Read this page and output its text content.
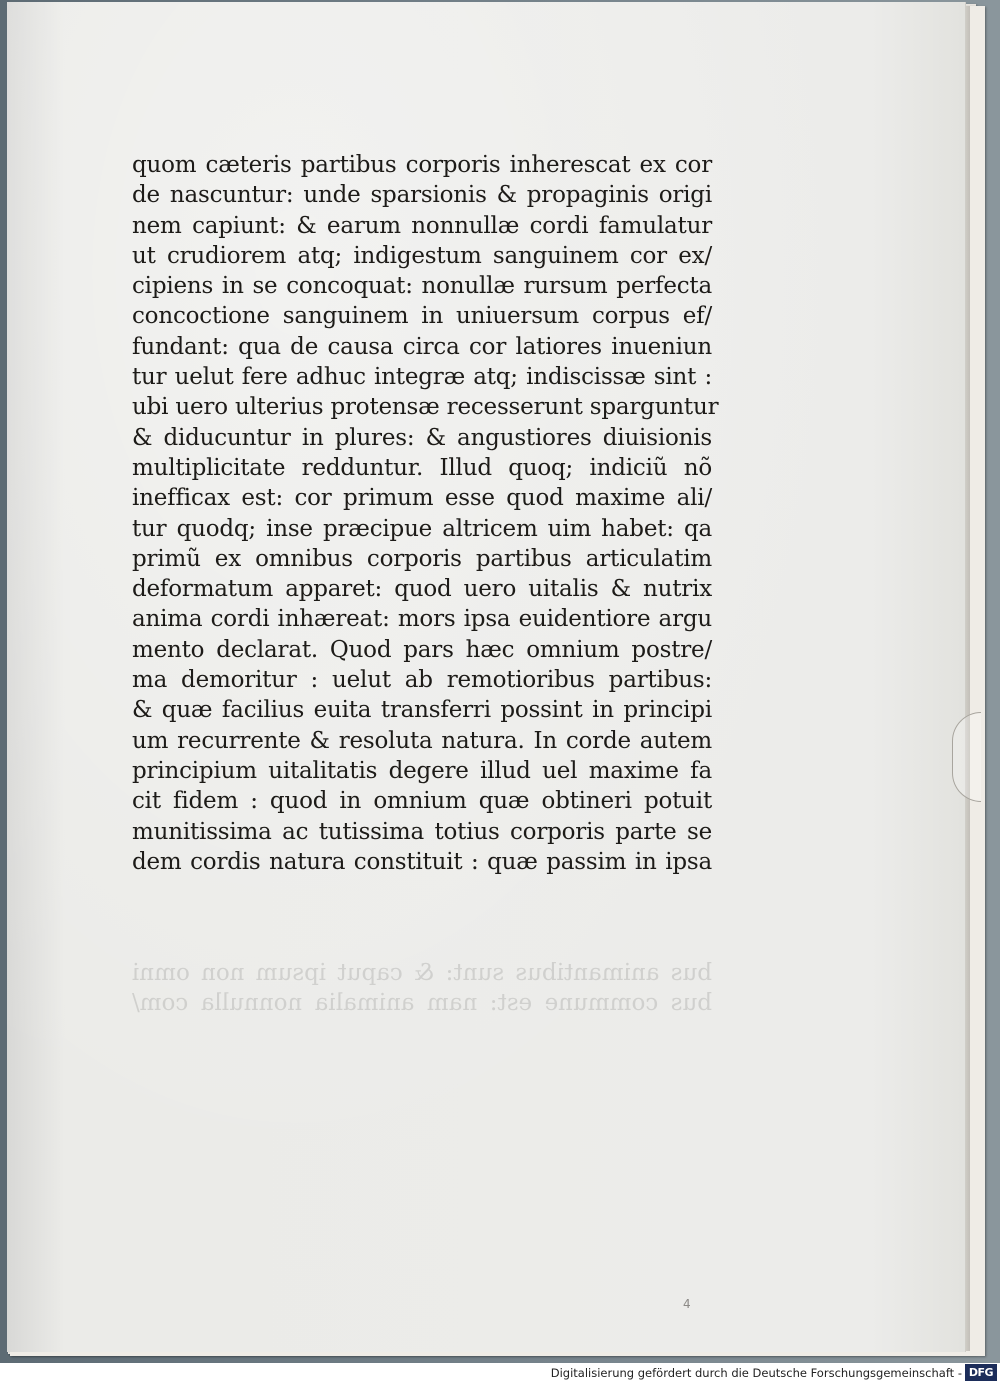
bus animantibus sunt: & caput ipsum non omni
bus commune est: nam animalia nonnulla com/
quom cæteris partibus corporis inherescat ex cor
de nascuntur: unde sparsionis & propaginis origi
nem capiunt: & earum nonnullæ cordi famulatur
ut crudiorem atq; indigestum sanguinem cor ex/
cipiens in se concoquat: nonullæ rursum perfecta
concoctione sanguinem in uniuersum corpus ef/
fundant: qua de causa circa cor latiores inueniun
tur uelut fere adhuc integræ atq; indiscissæ sint :
ubi uero ulterius protensæ recesserunt sparguntur
& diducuntur in plures: & angustiores diuisionis
multiplicitate redduntur. Illud quoq; indiciũ nõ
inefficax est: cor primum esse quod maxime ali/
tur quodq; inse præcipue altricem uim habet: qa
primũ ex omnibus corporis partibus articulatim
deformatum apparet: quod uero uitalis & nutrix
anima cordi inhæreat: mors ipsa euidentiore argu
mento declarat. Quod pars hæc omnium postre/
ma demoritur : uelut ab remotioribus partibus:
& quæ facilius euita transferri possint in principi
um recurrente & resoluta natura. In corde autem
principium uitalitatis degere illud uel maxime fa
cit fidem : quod in omnium quæ obtineri potuit
munitissima ac tutissima totius corporis parte se
dem cordis natura constituit : quæ passim in ipsa
4
Digitalisierung gefördert durch die Deutsche Forschungsgemeinschaft - DFG
